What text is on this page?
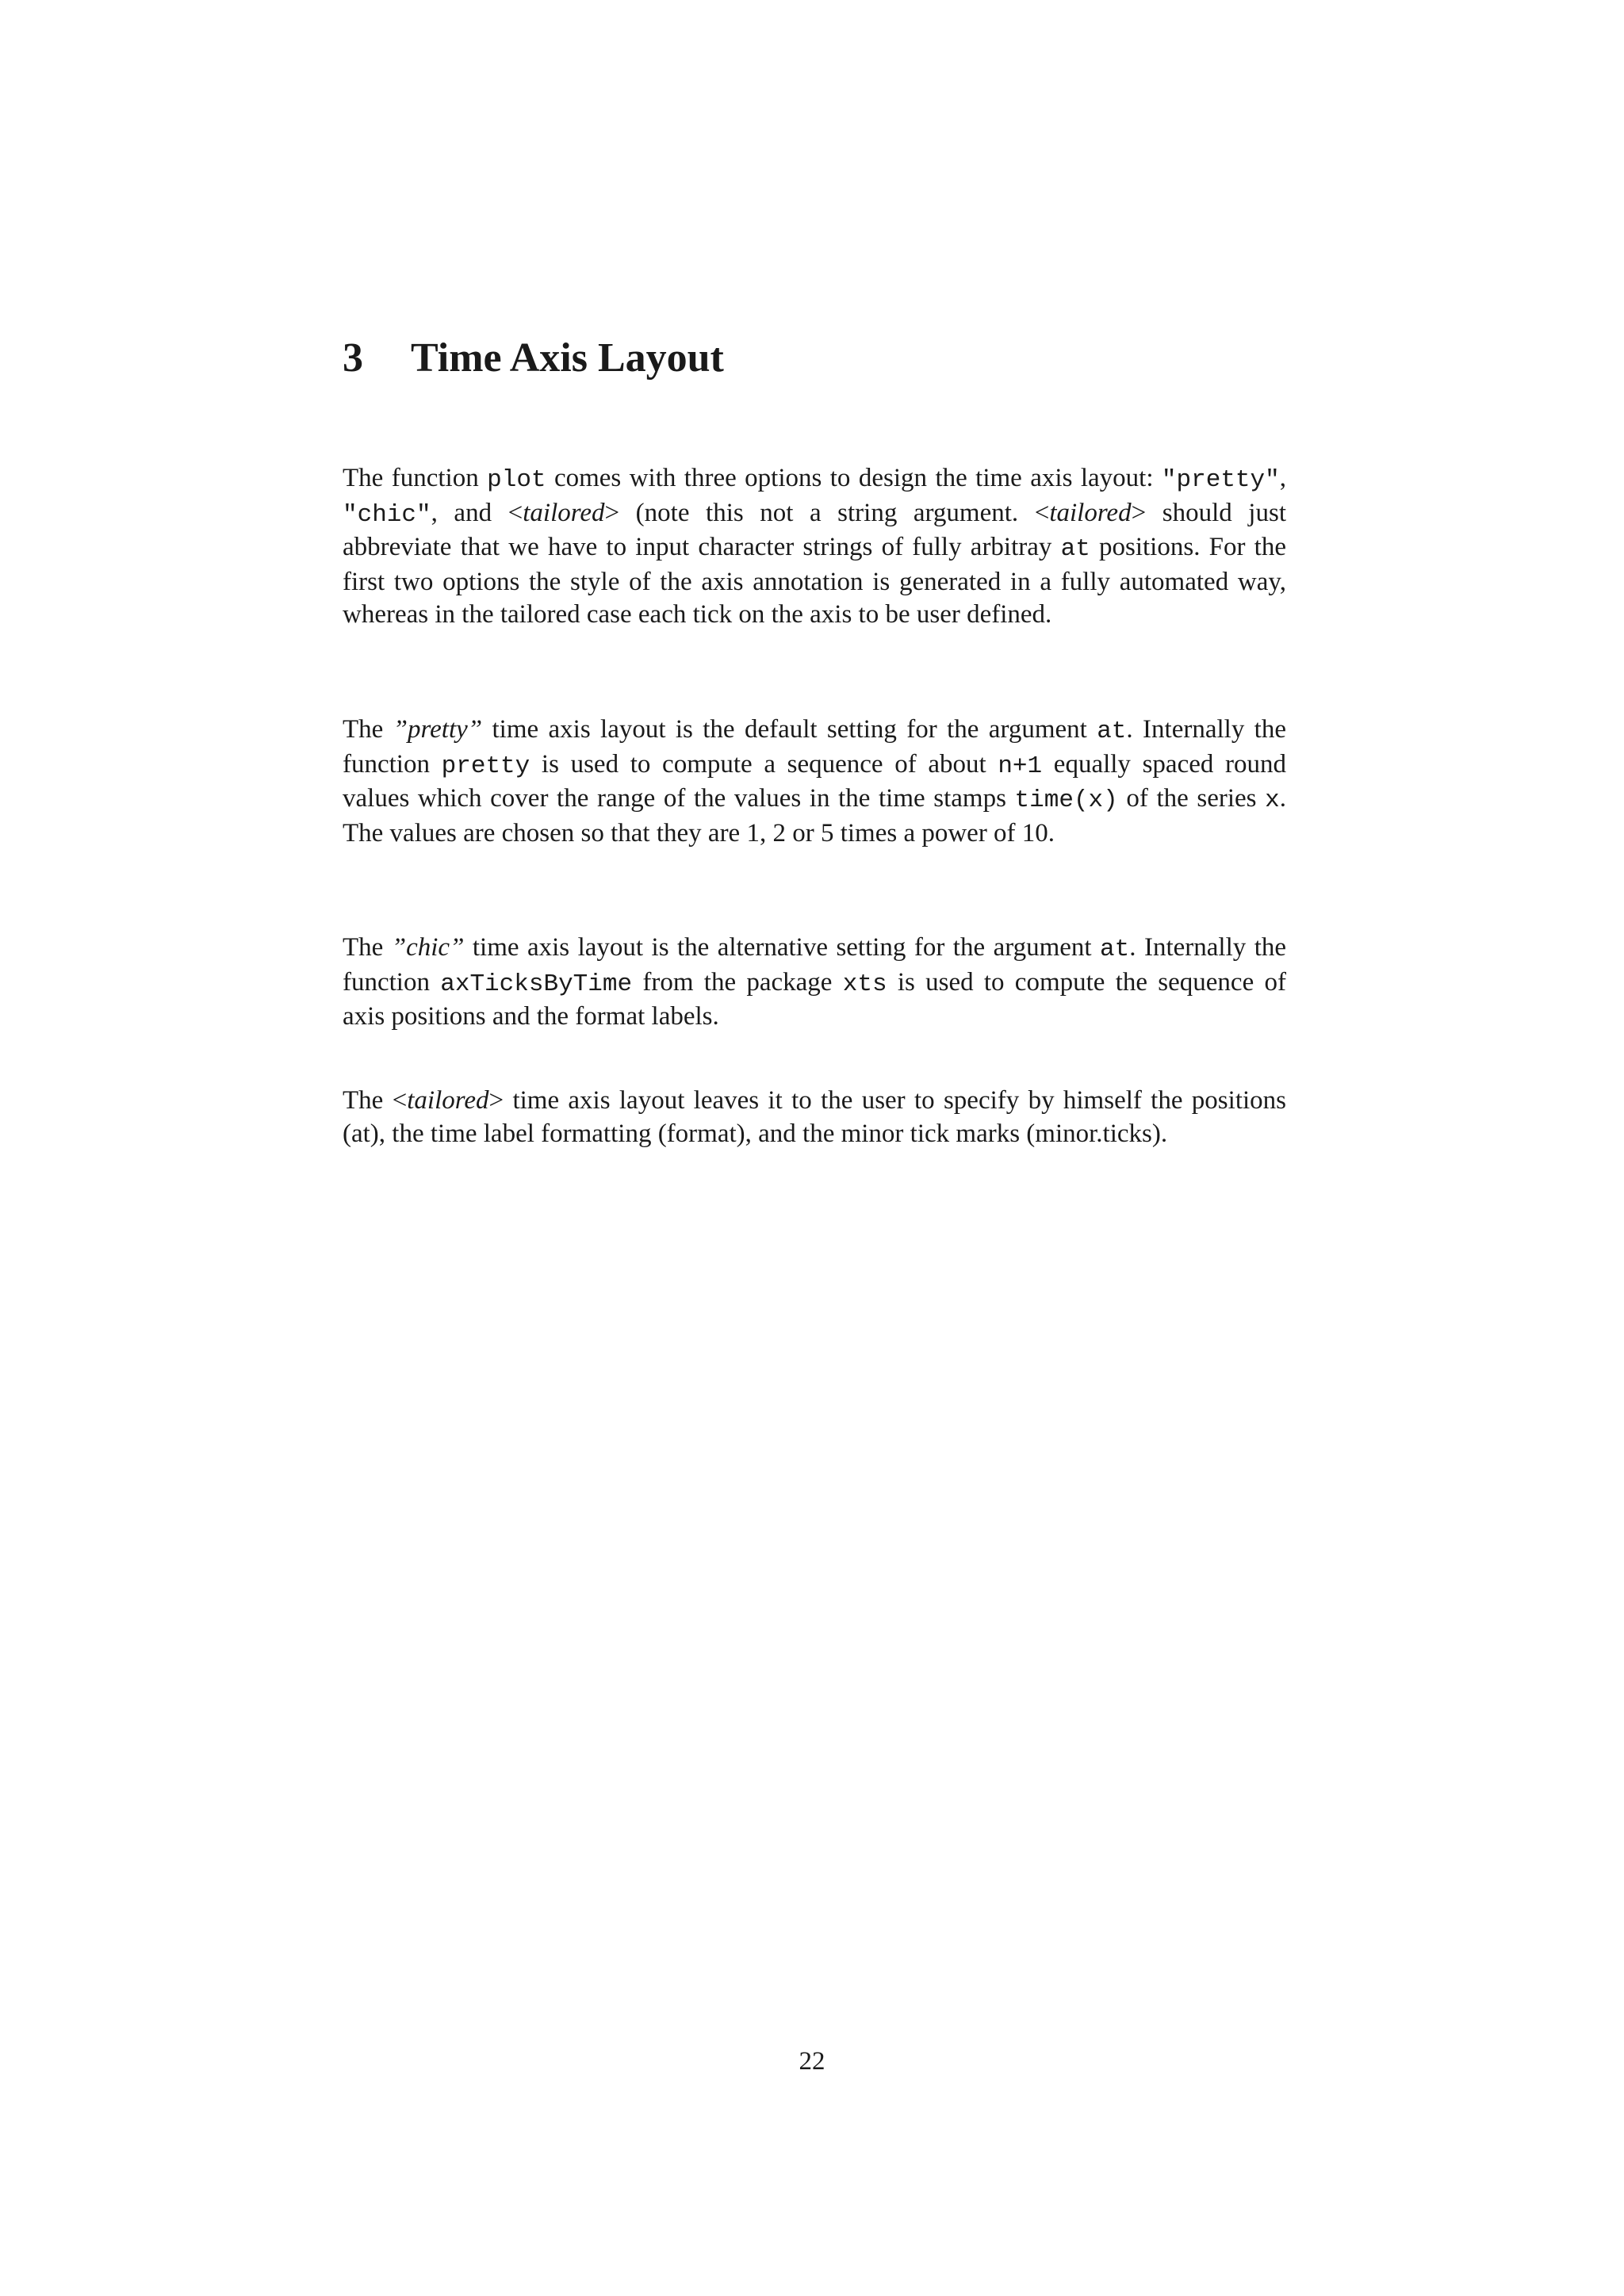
3 Time Axis Layout

The function plot comes with three options to design the time axis layout: "pretty", "chic", and <tailored> (note this not a string argument. <tailored> should just abbreviate that we have to input character strings of fully arbitray at positions. For the first two options the style of the axis annotation is generated in a fully automated way, whereas in the tailored case each tick on the axis to be user defined.

The ”pretty” time axis layout is the default setting for the argument at. Internally the function pretty is used to compute a sequence of about n+1 equally spaced round values which cover the range of the values in the time stamps time(x) of the series x. The values are chosen so that they are 1, 2 or 5 times a power of 10.

The ”chic” time axis layout is the alternative setting for the argument at. Internally the function axTicksByTime from the package xts is used to compute the sequence of axis positions and the format labels.

The <tailored> time axis layout leaves it to the user to specify by himself the positions (at), the time label formatting (format), and the minor tick marks (minor.ticks).

22
